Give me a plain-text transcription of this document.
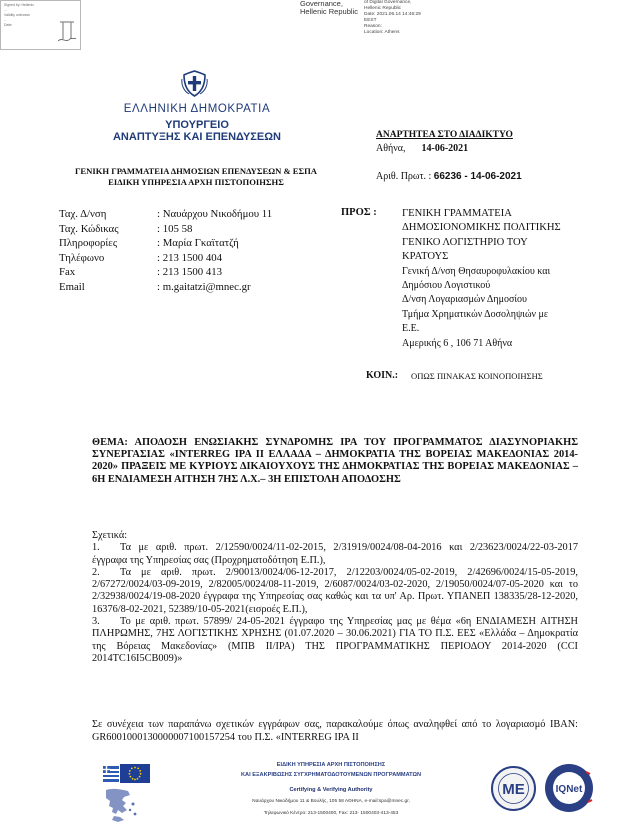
Signed by: Hellenic
...
Validity unknown
...
Date:
Governance,
Hellenic Republic
of Digital Governance,
Hellenic Republic
Date: 2021.06.14 14:46:29
EEST
Reason:
Location: Athens
ΕΛΛΗΝΙΚΗ ΔΗΜΟΚΡΑΤΙΑ
ΥΠΟΥΡΓΕΙΟ
ΑΝΑΠΤΥΞΗΣ ΚΑΙ ΕΠΕΝΔΥΣΕΩΝ
ΓΕΝΙΚΗ ΓΡΑΜΜΑΤΕΙΑ ΔΗΜΟΣΙΩΝ ΕΠΕΝΔΥΣΕΩΝ & ΕΣΠΑ
ΕΙΔΙΚΗ ΥΠΗΡΕΣΙΑ ΑΡΧΗ ΠΙΣΤΟΠΟΙΗΣΗΣ
ΑΝΑΡΤΗΤΕΑ ΣΤΟ ΔΙΑΔΙΚΤΥΟ
Αθήνα, 14-06-2021
Αριθ. Πρωτ. : 66236 - 14-06-2021
Ταχ. Δ/νση	: Ναυάρχου Νικοδήμου 11
Ταχ. Κώδικας	: 105 58
Πληροφορίες	: Μαρία Γκαϊτατζή
Τηλέφωνο	: 213 1500 404
Fax	: 213 1500 413
Email	: m.gaitatzi@mnec.gr
ΠΡΟΣ : ΓΕΝΙΚΗ ΓΡΑΜΜΑΤΕΙΑ
ΔΗΜΟΣΙΟΝΟΜΙΚΗΣ ΠΟΛΙΤΙΚΗΣ
ΓΕΝΙΚΟ ΛΟΓΙΣΤΗΡΙΟ ΤΟΥ
ΚΡΑΤΟΥΣ
Γενική Δ/νση Θησαυροφυλακίου και
Δημόσιου Λογιστικού
Δ/νση Λογαριασμών Δημοσίου
Τμήμα Χρηματικών Δοσοληψιών με
Ε.Ε.
Αμερικής 6 , 106 71 Αθήνα
ΚΟΙΝ.: ΟΠΩΣ ΠΙΝΑΚΑΣ ΚΟΙΝΟΠΟΙΗΣΗΣ
ΘΕΜΑ: ΑΠΟΔΟΣΗ ΕΝΩΣΙΑΚΗΣ ΣΥΝΔΡΟΜΗΣ IPA ΤΟΥ ΠΡΟΓΡΑΜΜΑΤΟΣ ΔΙΑΣΥΝΟΡΙΑΚΗΣ ΣΥΝΕΡΓΑΣΙΑΣ «INTERREG IPA II ΕΛΛΑΔΑ – ΔΗΜΟΚΡΑΤΙΑ ΤΗΣ ΒΟΡΕΙΑΣ ΜΑΚΕΔΟΝΙΑΣ 2014-2020» ΠΡΑΞΕΙΣ ΜΕ ΚΥΡΙΟΥΣ ΔΙΚΑΙΟΥΧΟΥΣ ΤΗΣ ΔΗΜΟΚΡΑΤΙΑΣ ΤΗΣ ΒΟΡΕΙΑΣ ΜΑΚΕΔΟΝΙΑΣ – 6Η ΕΝΔΙΑΜΕΣΗ ΑΙΤΗΣΗ 7ΗΣ Λ.Χ.– 3Η ΕΠΙΣΤΟΛΗ ΑΠΟΔΟΣΗΣ
Σχετικά:
1.	Τα με αριθ. πρωτ. 2/12590/0024/11-02-2015, 2/31919/0024/08-04-2016 και 2/23623/0024/22-03-2017 έγγραφα της Υπηρεσίας σας (Προχρηματοδότηση Ε.Π.),
2.	Τα με αριθ. πρωτ. 2/90013/0024/06-12-2017, 2/12203/0024/05-02-2019, 2/42696/0024/15-05-2019, 2/67272/0024/03-09-2019, 2/82005/0024/08-11-2019, 2/6087/0024/03-02-2020, 2/19050/0024/07-05-2020 και το 2/32938/0024/19-08-2020 έγγραφα της Υπηρεσίας σας καθώς και τα υπ' Αρ. Πρωτ. ΥΠΑΝΕΠ 138335/28-12-2020, 16376/8-02-2021, 52389/10-05-2021(εισροές Ε.Π.),
3.	Το με αριθ. πρωτ. 57899/ 24-05-2021 έγγραφο της Υπηρεσίας μας με θέμα «6η ΕΝΔΙΑΜΕΣΗ ΑΙΤΗΣΗ ΠΛΗΡΩΜΗΣ, 7ΗΣ ΛΟΓΙΣΤΙΚΗΣ ΧΡΗΣΗΣ (01.07.2020 – 30.06.2021) ΓΙΑ ΤΟ Π.Σ. ΕΕΣ «Ελλάδα – Δημοκρατία της Βόρειας Μακεδονίας» (ΜΠΒ ΙΙ/ΙΡΑ) ΤΗΣ ΠΡΟΓΡΑΜΜΑΤΙΚΗΣ ΠΕΡΙΟΔΟΥ 2014-2020 (CCI 2014TC16I5CB009)»
Σε συνέχεια των παραπάνω σχετικών εγγράφων σας, παρακαλούμε όπως αναληφθεί από το λογαριασμό IBAN: GR6001000130000007100157254 του Π.Σ. «INTERREG IPA II
ΕΙΔΙΚΗ ΥΠΗΡΕΣΙΑ ΑΡΧΗ ΠΙΣΤΟΠΟΙΗΣΗΣ
ΚΑΙ ΕΞΑΚΡΙΒΩΣΗΣ ΣΥΓΧΡΗΜΑΤΟΔΟΤΟΥΜΕΝΩΝ ΠΡΟΓΡΑΜΜΑΤΩΝ
Certifying & Verifying Authority
Ναυάρχου Νικοδήμου 11 & Βουλής, 105 58 ΑΘΗΝΑ, e-mail:spa@mnec.gr,
Τηλεφωνικό Κέντρο: 213-1500400, Fax: 213- 1500403-413-453
ME	IQNet
